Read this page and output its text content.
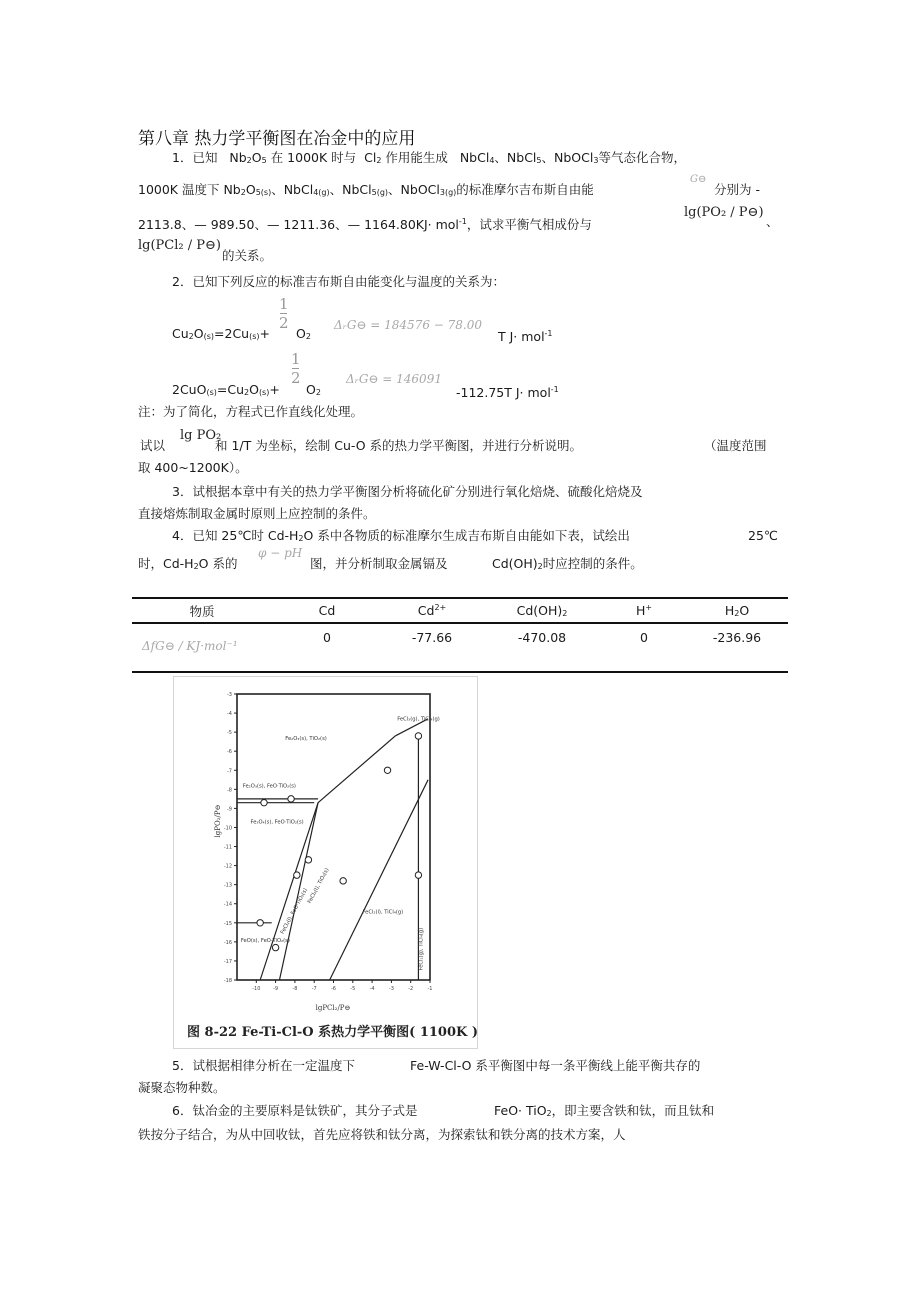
第八章 热力学平衡图在冶金中的应用
1．已知 $Nb_2O_5$ 在 1000K 时与 $Cl_2$ 作用能生成 NbCl$_4$、NbCl$_5$、NbOCl$_3$等气态化合物，
1000K 温度下 $Nb_2O_{5(s)}$、NbCl$_{4(g)}$、NbCl$_{5(g)}$、NbOCl$_{3(g)}$的标准摩尔吉布斯自由能
G⊖
分别为 -
2113.8、— 989.50、— 1211.36、— 1164.80KJ· mol$^{-1}$，试求平衡气相成份与
lg(PO₂ / P⊖)
、
lg(PCl₂ / P⊖)
的关系。
2．已知下列反应的标准吉布斯自由能变化与温度的关系为：
$Cu_2O_{(s)}=2Cu_{(s)}+$
1
2
$O_2$
ΔᵣG⊖ = 184576 − 78.00
T J· mol$^{-1}$
$2CuO_{(s)}=Cu_2O_{(s)}+$
1
2
$O_2$
ΔᵣG⊖ = 146091
-112.75T J· mol$^{-1}$
注：为了简化，方程式已作直线化处理。
试以
lg PO₂
和 1/T 为坐标，绘制 Cu-O 系的热力学平衡图，并进行分析说明。	（温度范围
取 400~1200K）。
3．试根据本章中有关的热力学平衡图分析将硫化矿分别进行氧化焙烧、硫酸化焙烧及
直接熔炼制取金属时原则上应控制的条件。
4．已知 25℃时 $Cd-H_2O$ 系中各物质的标准摩尔生成吉布斯自由能如下表，试绘出	25℃
时，$Cd-H_2O$ 系的
φ − pH
图，并分析制取金属镉及	$Cd(OH)_2$时应控制的条件。
物质	Cd	$Cd^{2+}$	$Cd(OH)_2$	H+	$H_2O$
ΔfG⊖ / KJ·mol⁻¹	0	-77.66	-470.08	0	-236.96
-3
-4
-5
-6
-7
-8
-9
-10
-11
-12
-13
-14
-15
-16
-17
-18
-10	-9	-8	-7	-6	-5	-4	-3	-2	-1
Fe₂O₃(s), TiO₂(s)
Fe₂O₃(s), FeO·TiO₂(s)
Fe₃O₄(s), FeO·TiO₂(s)
FeCl₃(g), TiCl₄(g)
FeO(s), FeO·TiO₂(s)
FeCl₂(l), FeO·TiO₂(s)
FeCl₂(l), TiO₂(s)
FeCl₂(l), TiCl₄(g)
FeCl₂(g), TiCl₄(g)
lgPCl₂/P⊖
lgPO₂/P⊖
图 8-22 Fe-Ti-Cl-O 系热力学平衡图( 1100K )
5．试根据相律分析在一定温度下	Fe-W-Cl-O 系平衡图中每一条平衡线上能平衡共存的
凝聚态物种数。
6．钛冶金的主要原料是钛铁矿，其分子式是	FeO· TiO$_2$，即主要含铁和钛，而且钛和
铁按分子结合，为从中回收钛，首先应将铁和钛分离，为探索钛和铁分离的技术方案，人
